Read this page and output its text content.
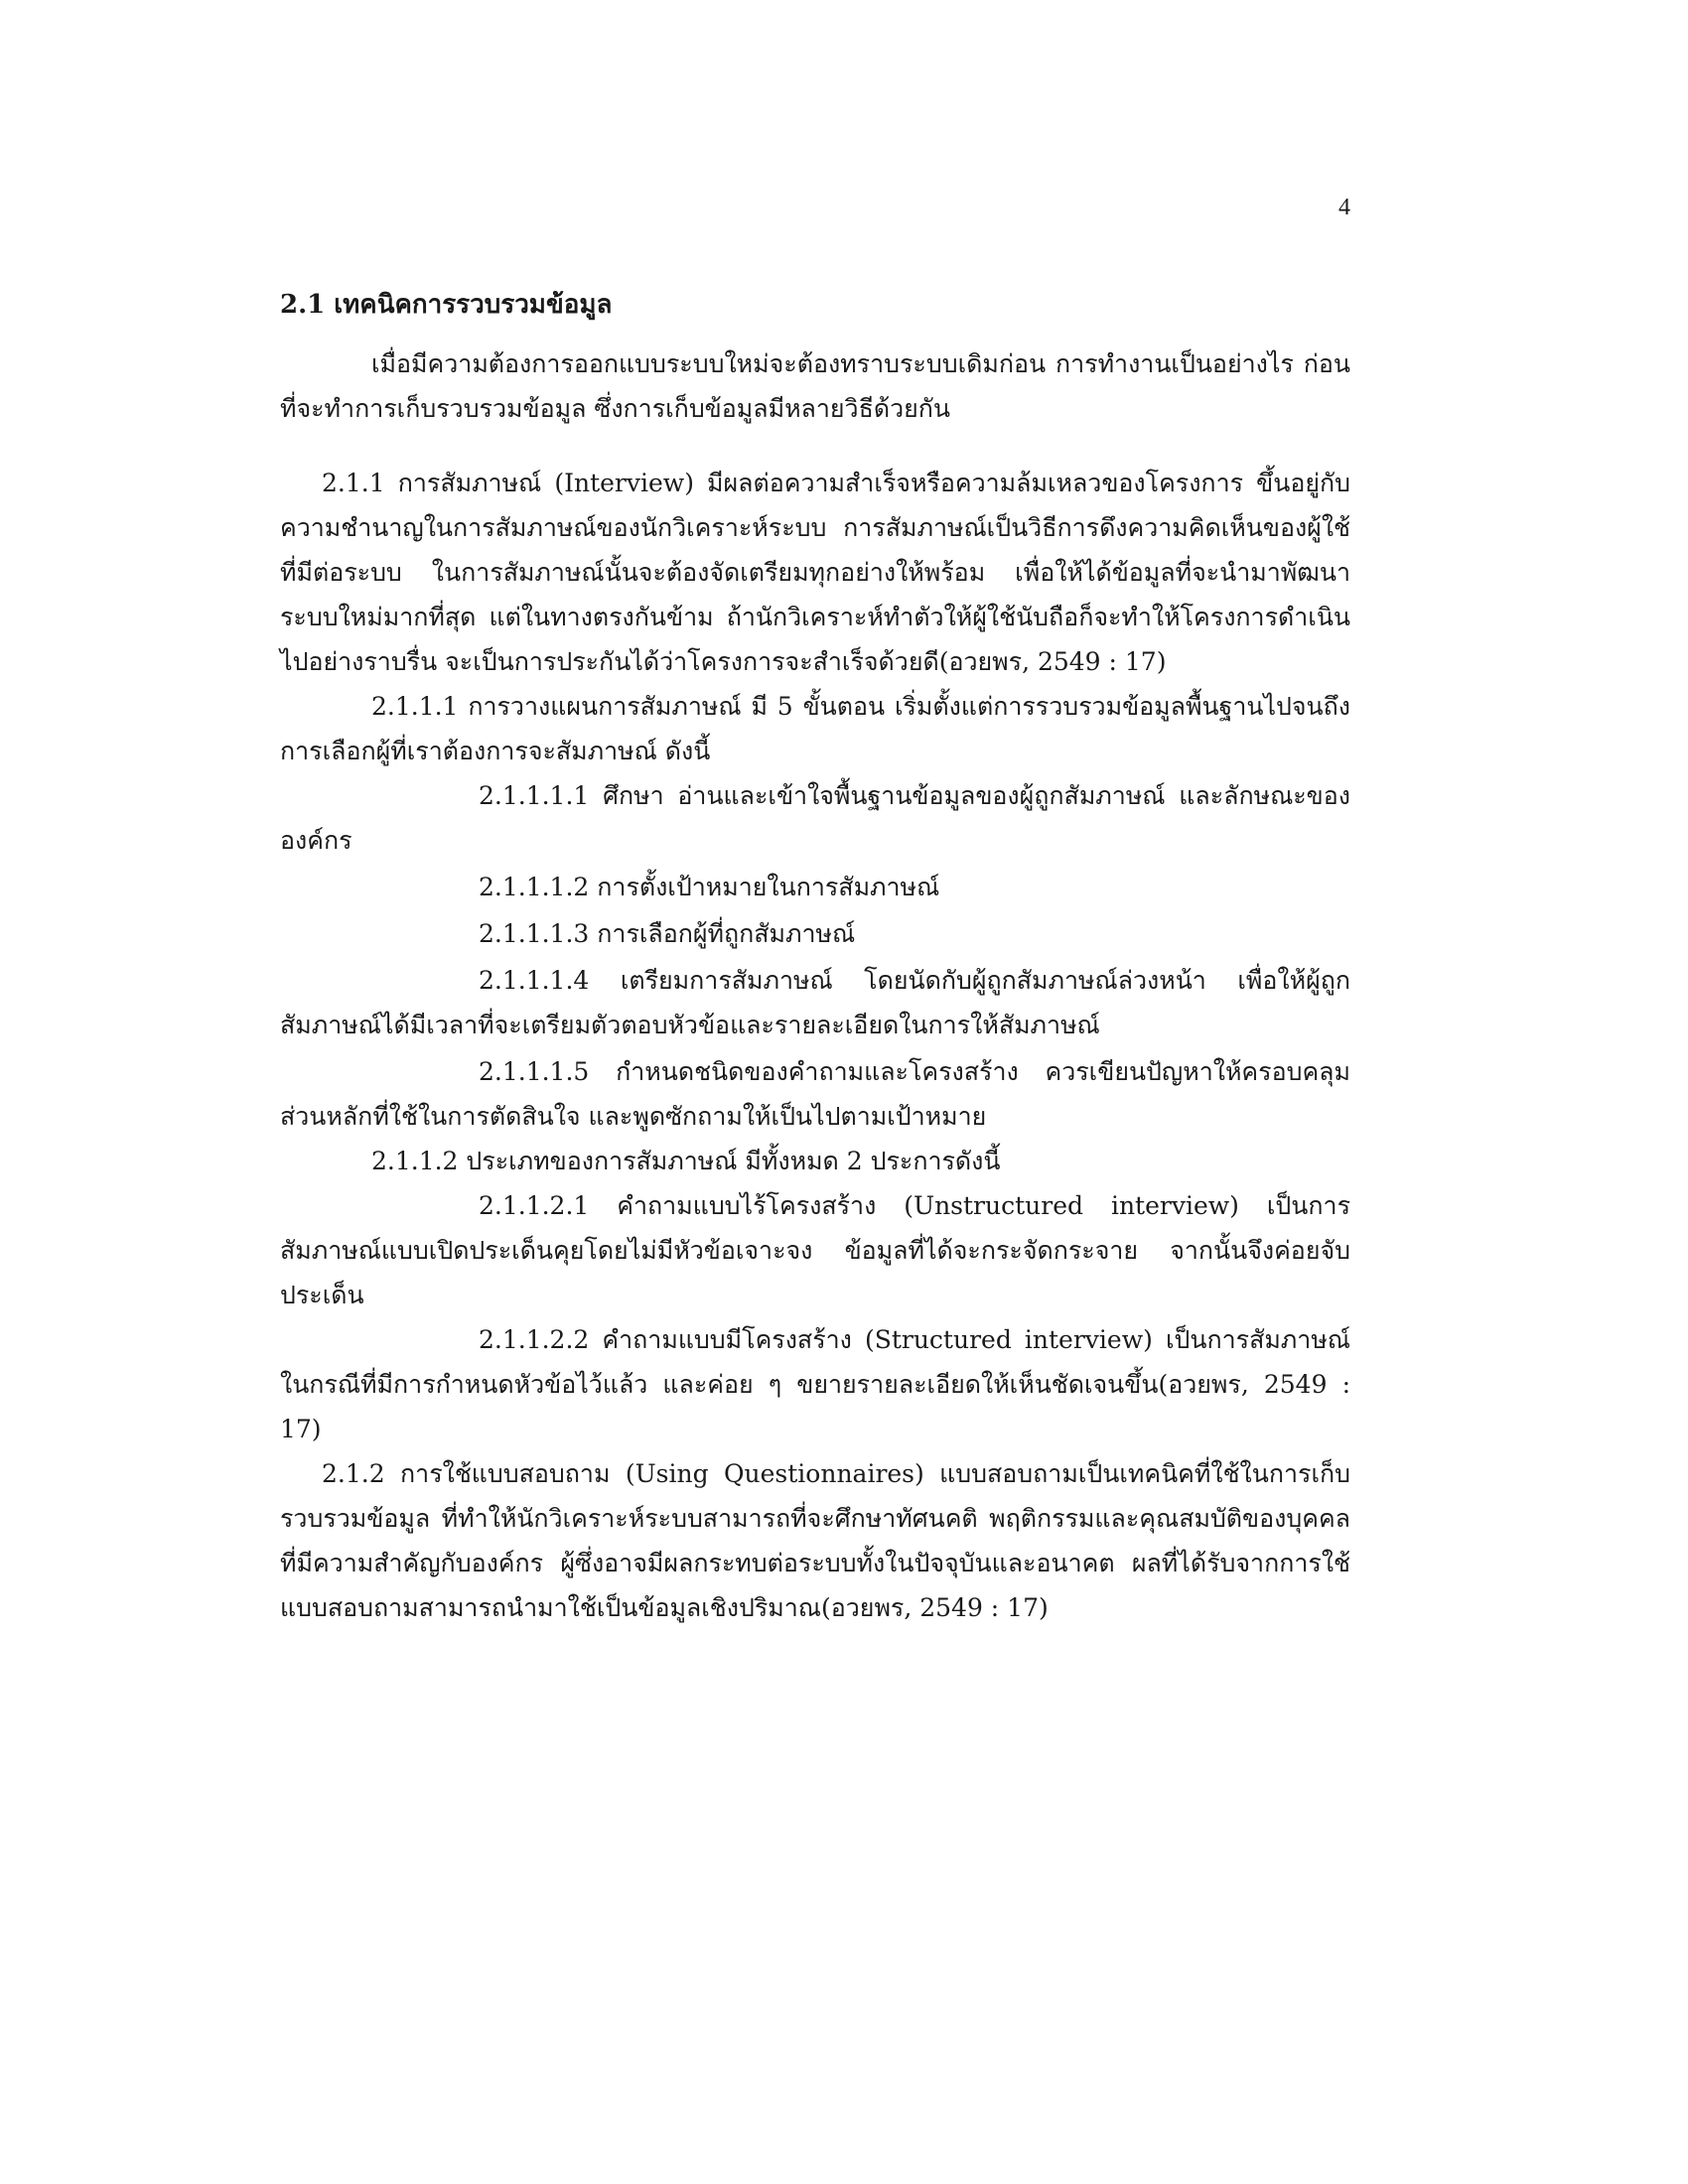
4

2.1 เทคนิคการรวบรวมข้อมูล

เมื่อมีความต้องการออกแบบระบบใหม่จะต้องทราบระบบเดิมก่อน การทำงานเป็นอย่างไร ก่อนที่จะทำการเก็บรวบรวมข้อมูล ซึ่งการเก็บข้อมูลมีหลายวิธีด้วยกัน

2.1.1 การสัมภาษณ์ (Interview) มีผลต่อความสำเร็จหรือความล้มเหลวของโครงการ ขึ้นอยู่กับความชำนาญในการสัมภาษณ์ของนักวิเคราะห์ระบบ การสัมภาษณ์เป็นวิธีการดึงความคิดเห็นของผู้ใช้ที่มีต่อระบบ ในการสัมภาษณ์นั้นจะต้องจัดเตรียมทุกอย่างให้พร้อม เพื่อให้ได้ข้อมูลที่จะนำมาพัฒนาระบบใหม่มากที่สุด แต่ในทางตรงกันข้าม ถ้านักวิเคราะห์ทำตัวให้ผู้ใช้นับถือก็จะทำให้โครงการดำเนินไปอย่างราบรื่น จะเป็นการประกันได้ว่าโครงการจะสำเร็จด้วยดี(อวยพร, 2549 : 17)

2.1.1.1 การวางแผนการสัมภาษณ์ มี 5 ขั้นตอน เริ่มตั้งแต่การรวบรวมข้อมูลพื้นฐานไปจนถึงการเลือกผู้ที่เราต้องการจะสัมภาษณ์ ดังนี้

2.1.1.1.1 ศึกษา อ่านและเข้าใจพื้นฐานข้อมูลของผู้ถูกสัมภาษณ์ และลักษณะขององค์กร

2.1.1.1.2 การตั้งเป้าหมายในการสัมภาษณ์

2.1.1.1.3 การเลือกผู้ที่ถูกสัมภาษณ์

2.1.1.1.4 เตรียมการสัมภาษณ์ โดยนัดกับผู้ถูกสัมภาษณ์ล่วงหน้า เพื่อให้ผู้ถูกสัมภาษณ์ได้มีเวลาที่จะเตรียมตัวตอบหัวข้อและรายละเอียดในการให้สัมภาษณ์

2.1.1.1.5 กำหนดชนิดของคำถามและโครงสร้าง ควรเขียนปัญหาให้ครอบคลุมส่วนหลักที่ใช้ในการตัดสินใจ และพูดซักถามให้เป็นไปตามเป้าหมาย

2.1.1.2 ประเภทของการสัมภาษณ์ มีทั้งหมด 2 ประการดังนี้

2.1.1.2.1 คำถามแบบไร้โครงสร้าง (Unstructured interview) เป็นการสัมภาษณ์แบบเปิดประเด็นคุยโดยไม่มีหัวข้อเจาะจง ข้อมูลที่ได้จะกระจัดกระจาย จากนั้นจึงค่อยจับประเด็น

2.1.1.2.2 คำถามแบบมีโครงสร้าง (Structured interview) เป็นการสัมภาษณ์ในกรณีที่มีการกำหนดหัวข้อไว้แล้ว และค่อย ๆ ขยายรายละเอียดให้เห็นชัดเจนขึ้น(อวยพร, 2549 : 17)

2.1.2 การใช้แบบสอบถาม (Using Questionnaires) แบบสอบถามเป็นเทคนิคที่ใช้ในการเก็บรวบรวมข้อมูล ที่ทำให้นักวิเคราะห์ระบบสามารถที่จะศึกษาทัศนคติ พฤติกรรมและคุณสมบัติของบุคคลที่มีความสำคัญกับองค์กร ผู้ซึ่งอาจมีผลกระทบต่อระบบทั้งในปัจจุบันและอนาคต ผลที่ได้รับจากการใช้แบบสอบถามสามารถนำมาใช้เป็นข้อมูลเชิงปริมาณ(อวยพร, 2549 : 17)
